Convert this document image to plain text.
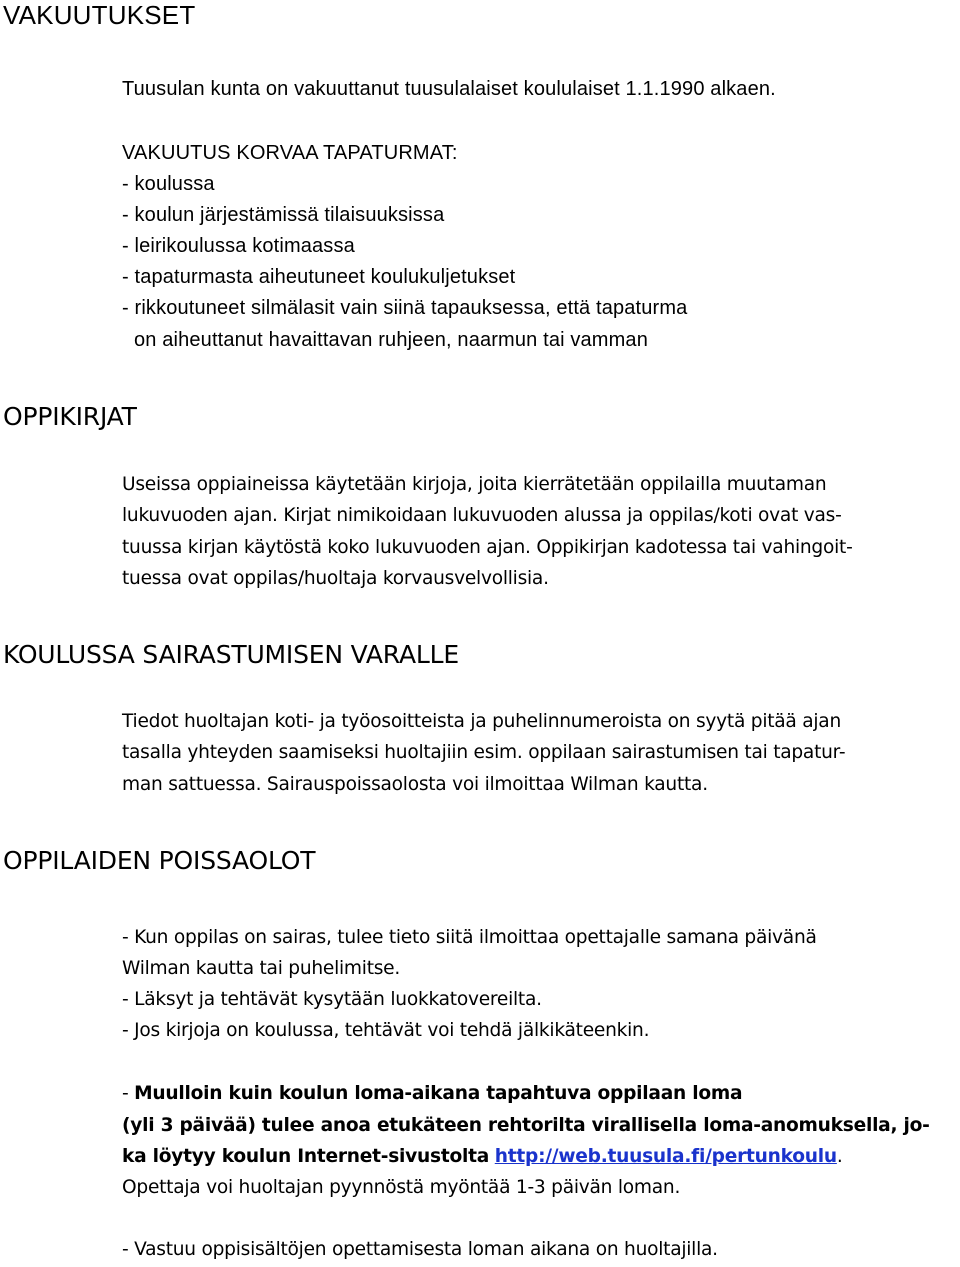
VAKUUTUKSET
Tuusulan kunta on vakuuttanut tuusulalaiset koululaiset 1.1.1990 alkaen.
VAKUUTUS KORVAA TAPATURMAT:
- koulussa
- koulun järjestämissä tilaisuuksissa
- leirikoulussa kotimaassa
- tapaturmasta aiheutuneet koulukuljetukset
- rikkoutuneet silmälasit vain siinä tapauksessa, että tapaturma
on aiheuttanut havaittavan ruhjeen, naarmun tai vamman
OPPIKIRJAT
Useissa oppiaineissa käytetään kirjoja, joita kierrätetään oppilailla muutaman
lukuvuoden ajan. Kirjat nimikoidaan lukuvuoden alussa ja oppilas/koti ovat vas-
tuussa kirjan käytöstä koko lukuvuoden ajan. Oppikirjan kadotessa tai vahingoit-
tuessa ovat oppilas/huoltaja korvausvelvollisia.
KOULUSSA SAIRASTUMISEN VARALLE
Tiedot huoltajan koti- ja työosoitteista ja puhelinnumeroista on syytä pitää ajan
tasalla yhteyden saamiseksi huoltajiin esim. oppilaan sairastumisen tai tapatur-
man sattuessa. Sairauspoissaolosta voi ilmoittaa Wilman kautta.
OPPILAIDEN POISSAOLOT
- Kun oppilas on sairas, tulee tieto siitä ilmoittaa opettajalle samana päivänä
Wilman kautta tai puhelimitse.
- Läksyt ja tehtävät kysytään luokkatovereilta.
- Jos kirjoja on koulussa, tehtävät voi tehdä jälkikäteenkin.
- Muulloin kuin koulun loma-aikana tapahtuva oppilaan loma
(yli 3 päivää) tulee anoa etukäteen rehtorilta virallisella loma-anomuksella, jo-
ka löytyy koulun Internet-sivustolta http://web.tuusula.fi/pertunkoulu.
Opettaja voi huoltajan pyynnöstä myöntää 1-3 päivän loman.
- Vastuu oppisisältöjen opettamisesta loman aikana on huoltajilla.
